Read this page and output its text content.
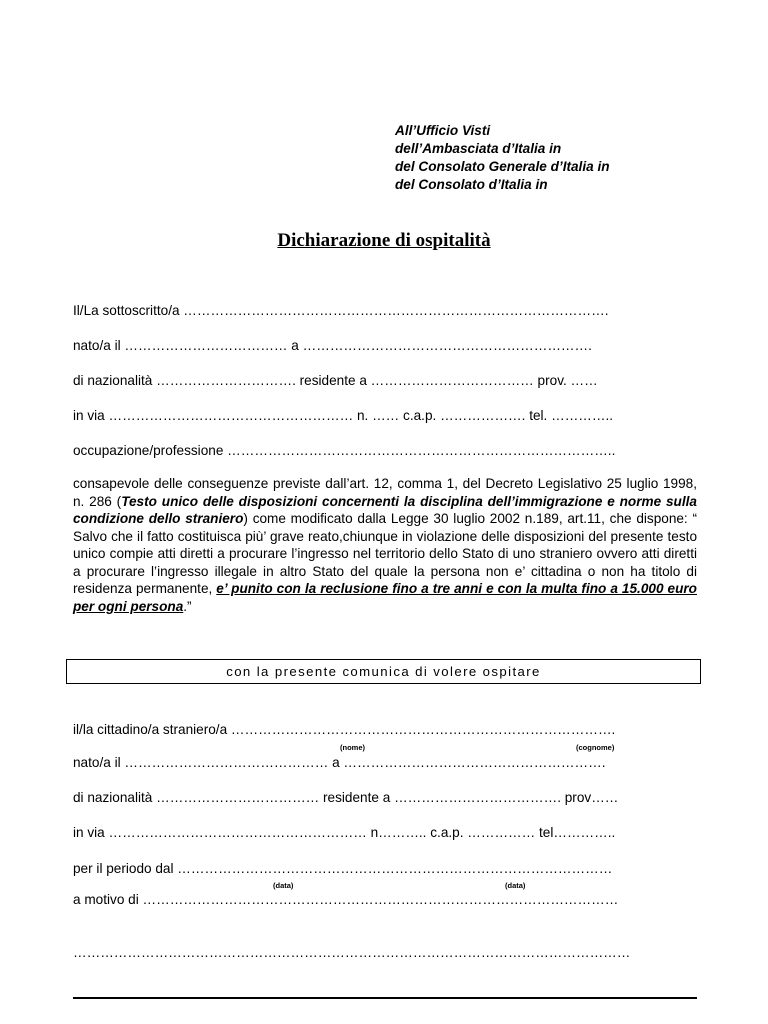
All’Ufficio Visti
dell’Ambasciata d’Italia in
del Consolato Generale d’Italia in
del Consolato d’Italia in
Dichiarazione di ospitalità
Il/La sottoscritto/a ………………………………………………………………………………….
nato/a il ……………………………… a ……………………………………………………….
di nazionalità …………………………. residente a ……………………………… prov. ……
in via ……………………………………………… n. …… c.a.p. ………………. tel. …………..
occupazione/professione …………………………………………………………………………..
consapevole delle conseguenze previste dall’art. 12, comma 1, del Decreto Legislativo 25 luglio 1998, n. 286 (Testo unico delle disposizioni concernenti la disciplina dell’immigrazione e norme sulla condizione dello straniero) come modificato dalla Legge 30 luglio 2002 n.189, art.11, che dispone: “ Salvo che il fatto costituisca più’ grave reato,chiunque in violazione delle disposizioni del presente testo unico compie atti diretti a procurare l’ingresso nel territorio dello Stato di uno straniero ovvero atti diretti a procurare l’ingresso illegale in altro Stato del quale la persona non e’ cittadina o non ha titolo di residenza permanente, e’ punito con la reclusione fino a tre anni e con la multa fino a 15.000 euro per ogni persona.”
con la presente comunica di volere ospitare
il/la cittadino/a straniero/a ………………………………………………………………………….
(nome)	(cognome)
nato/a il ……………………………………… a ………………………………………………….
di nazionalità ……………………………… residente a ………………………………. prov……
in via ………………………………………………… n……….. c.a.p. …………… tel…………..
per il periodo dal ……………………………………………………………………………………
(data)	(data)
a motivo di ……………………………………………………………………………………………
……………………………………………………………………………………………………………
